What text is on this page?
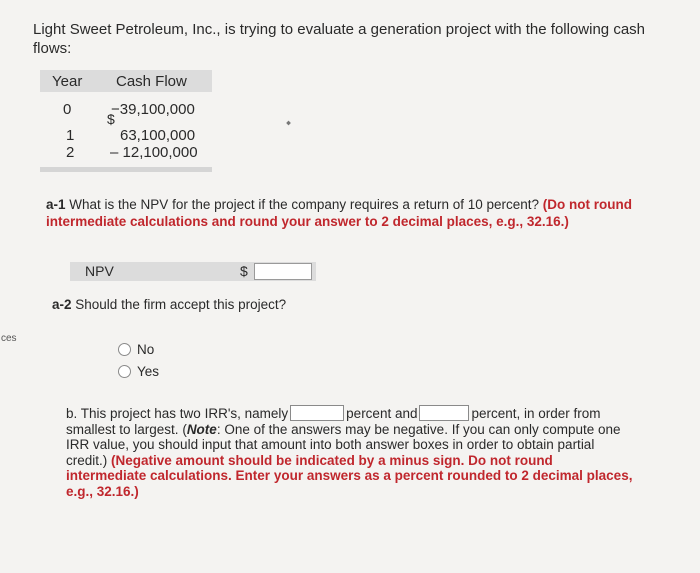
Light Sweet Petroleum, Inc., is trying to evaluate a generation project with the following cash flows:
Year Cash Flow
0	−39,100,000
$
1	63,100,000
2 – 12,100,000
⬩
a-1 What is the NPV for the project if the company requires a return of 10 percent? (Do not round intermediate calculations and round your answer to 2 decimal places, e.g., 32.16.)
NPV	$
a-2 Should the firm accept this project?
ces
No
Yes
b. This project has two IRR's, namely	percent and	percent, in order from smallest to largest. (Note: One of the answers may be negative. If you can only compute one IRR value, you should input that amount into both answer boxes in order to obtain partial credit.) (Negative amount should be indicated by a minus sign. Do not round intermediate calculations. Enter your answers as a percent rounded to 2 decimal places, e.g., 32.16.)
